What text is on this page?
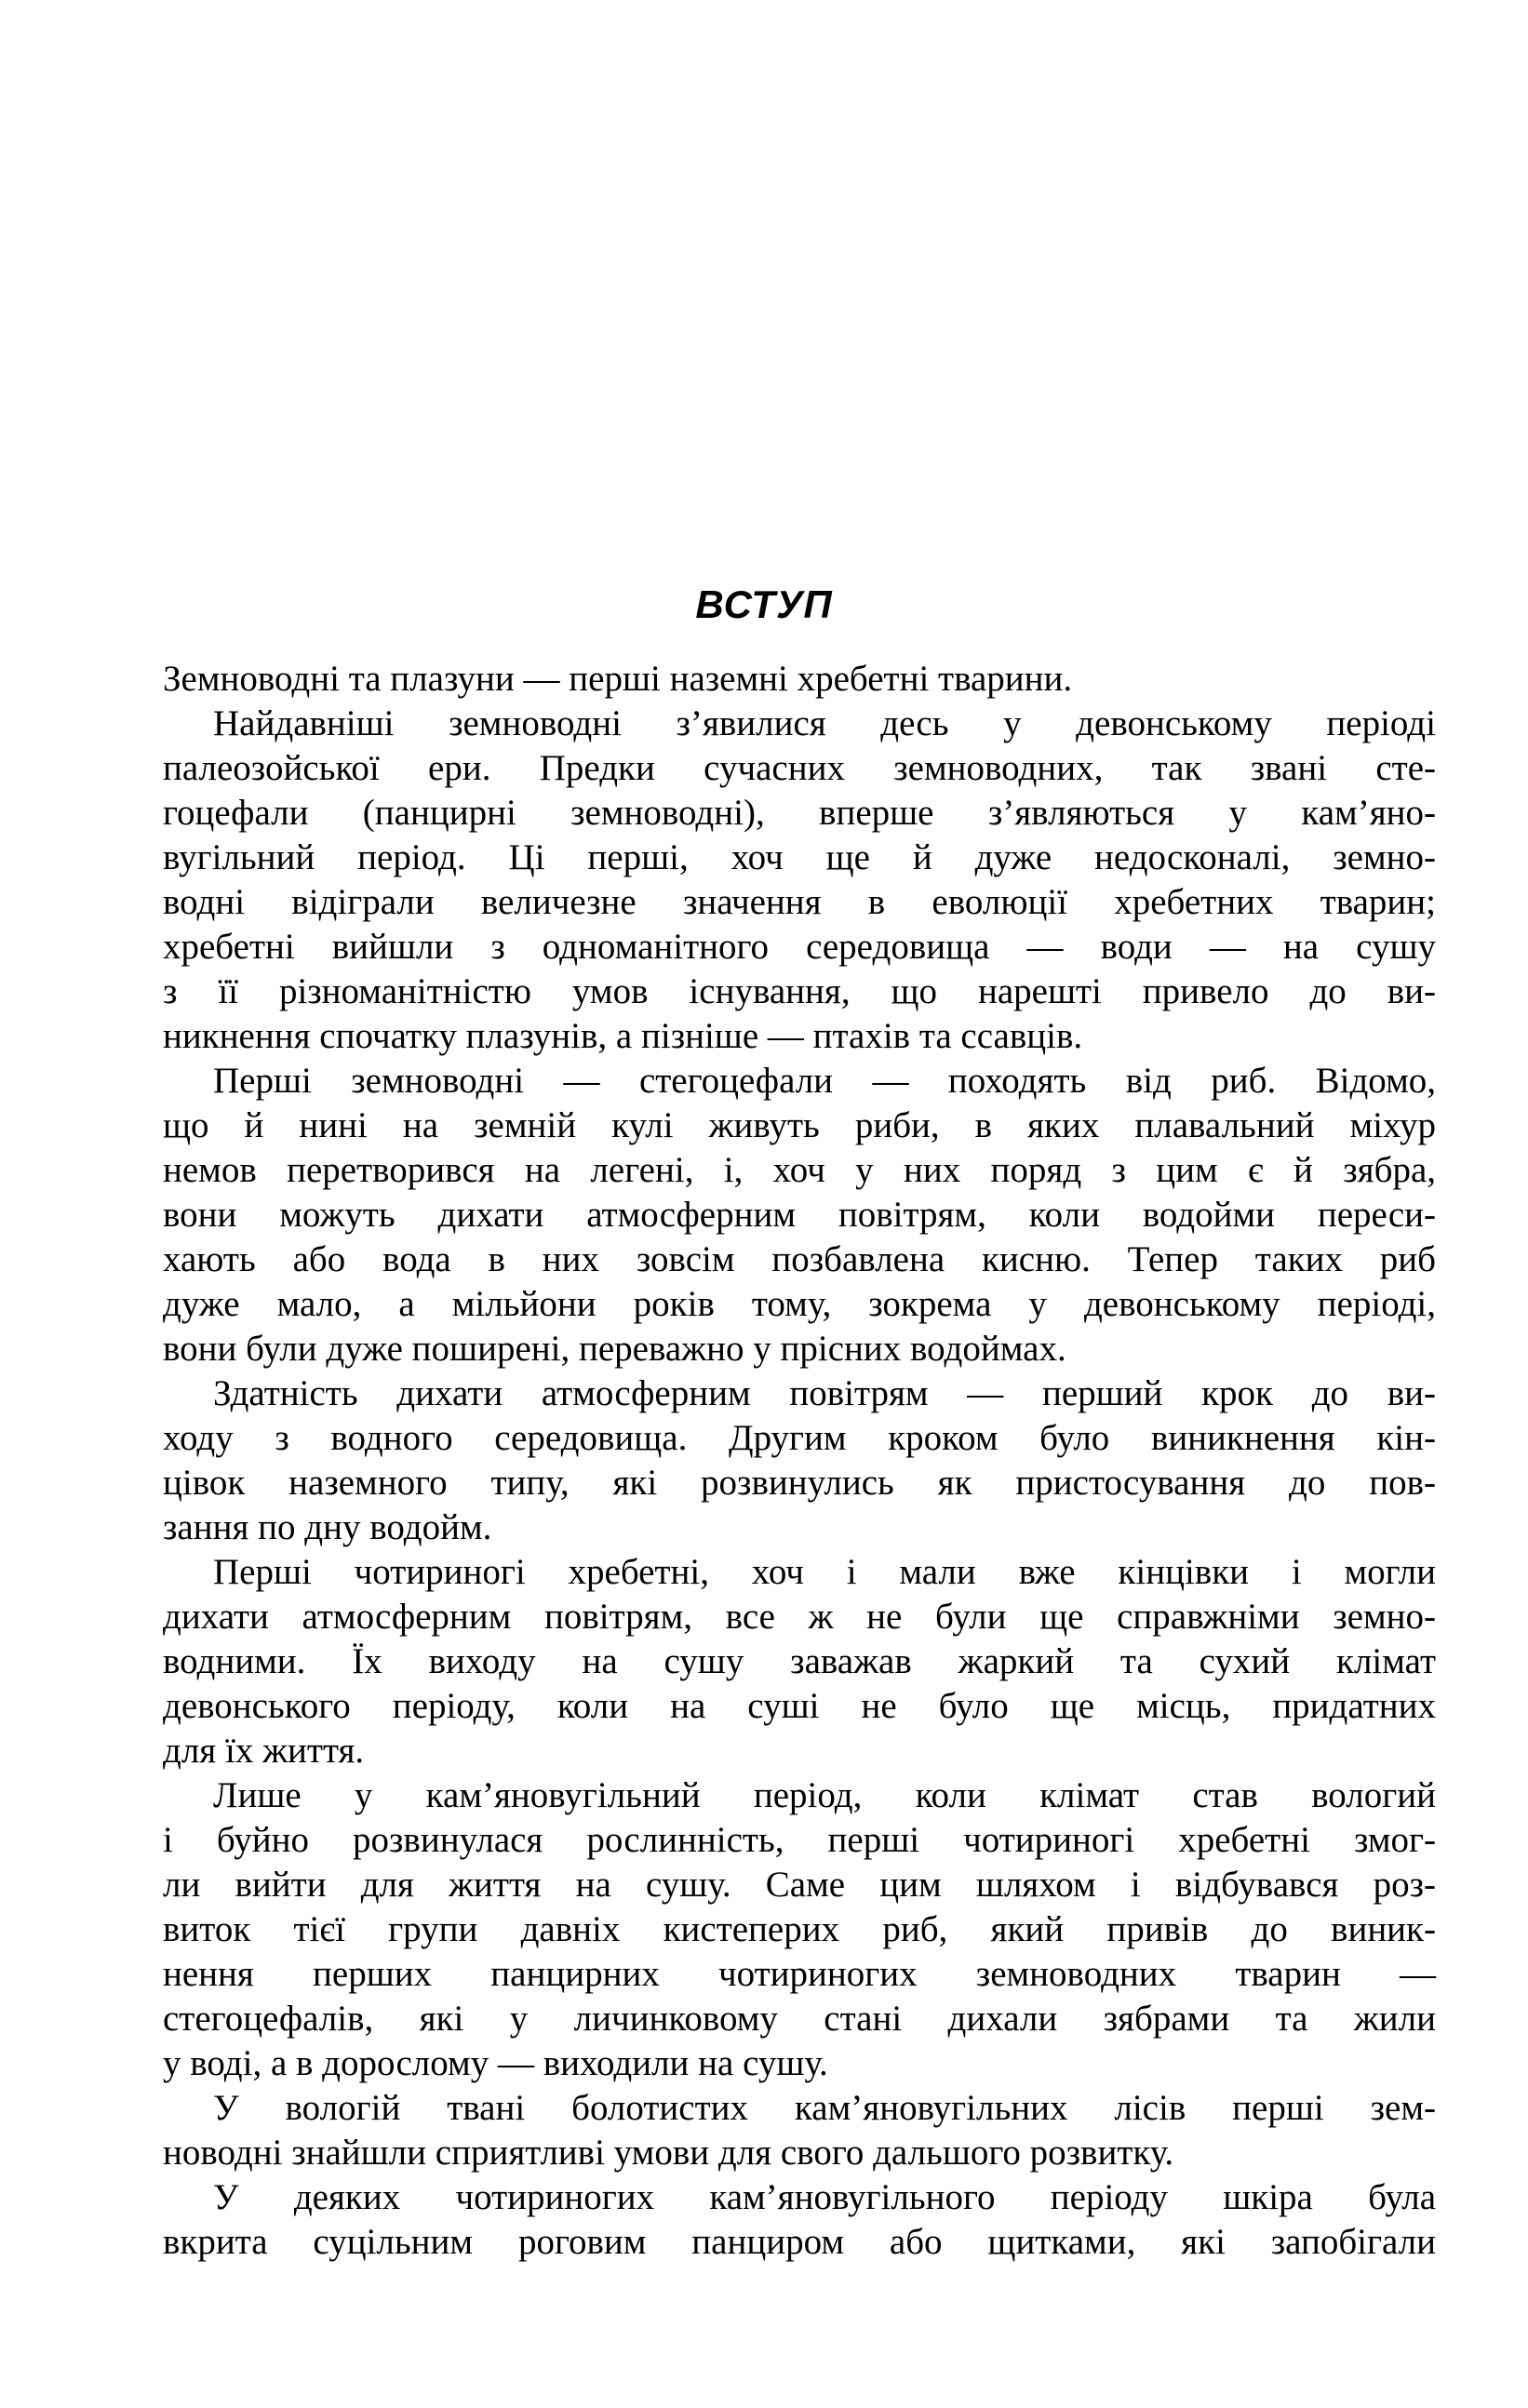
ВСТУП

Земноводні та плазуни — перші наземні хребетні тварини.

Найдавніші земноводні з’явилися десь у девонському періоді
палеозойської ери. Предки сучасних земноводних, так звані сте-
гоцефали (панцирні земноводні), вперше з’являються у кам’яно-
вугільний період. Ці перші, хоч ще й дуже недосконалі, земно-
водні відіграли величезне значення в еволюції хребетних тварин;
хребетні вийшли з одноманітного середовища — води — на сушу
з її різноманітністю умов існування, що нарешті привело до ви-
никнення спочатку плазунів, а пізніше — птахів та ссавців.

Перші земноводні — стегоцефали — походять від риб. Відомо,
що й нині на земній кулі живуть риби, в яких плавальний міхур
немов перетворився на легені, і, хоч у них поряд з цим є й зябра,
вони можуть дихати атмосферним повітрям, коли водойми переси-
хають або вода в них зовсім позбавлена кисню. Тепер таких риб
дуже мало, а мільйони років тому, зокрема у девонському періоді,
вони були дуже поширені, переважно у прісних водоймах.

Здатність дихати атмосферним повітрям — перший крок до ви-
ходу з водного середовища. Другим кроком було виникнення кін-
цівок наземного типу, які розвинулись як пристосування до пов-
зання по дну водойм.

Перші чотириногі хребетні, хоч і мали вже кінцівки і могли
дихати атмосферним повітрям, все ж не були ще справжніми земно-
водними. Їх виходу на сушу заважав жаркий та сухий клімат
девонського періоду, коли на суші не було ще місць, придатних
для їх життя.

Лише у кам’яновугільний період, коли клімат став вологий
і буйно розвинулася рослинність, перші чотириногі хребетні змог-
ли вийти для життя на сушу. Саме цим шляхом і відбувався роз-
виток тієї групи давніх кистеперих риб, який привів до виник-
нення перших панцирних чотириногих земноводних тварин —
стегоцефалів, які у личинковому стані дихали зябрами та жили
у воді, а в дорослому — виходили на сушу.

У вологій твані болотистих кам’яновугільних лісів перші зем-
новодні знайшли сприятливі умови для свого дальшого розвитку.

У деяких чотириногих кам’яновугільного періоду шкіра була
вкрита суцільним роговим панциром або щитками, які запобігали
